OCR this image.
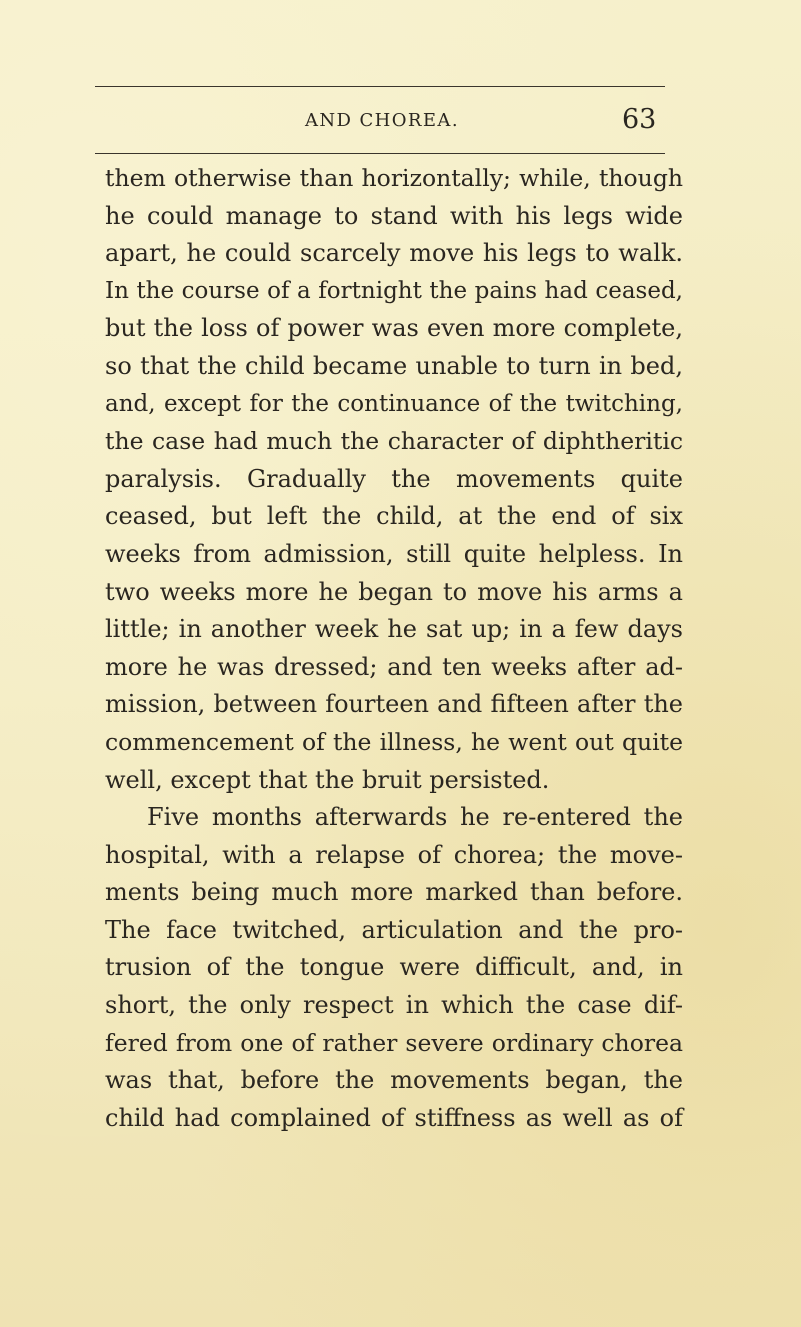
AND CHOREA.	63
them otherwise than horizontally; while, though
he could manage to stand with his legs wide
apart, he could scarcely move his legs to walk.
In the course of a fortnight the pains had ceased,
but the loss of power was even more complete,
so that the child became unable to turn in bed,
and, except for the continuance of the twitching,
the case had much the character of diphtheritic
paralysis. Gradually the movements quite
ceased, but left the child, at the end of six
weeks from admission, still quite helpless. In
two weeks more he began to move his arms a
little; in another week he sat up; in a few days
more he was dressed; and ten weeks after ad-
mission, between fourteen and fifteen after the
commencement of the illness, he went out quite
well, except that the bruit persisted.
Five months afterwards he re-entered the
hospital, with a relapse of chorea; the move-
ments being much more marked than before.
The face twitched, articulation and the pro-
trusion of the tongue were difficult, and, in
short, the only respect in which the case dif-
fered from one of rather severe ordinary chorea
was that, before the movements began, the
child had complained of stiffness as well as of
